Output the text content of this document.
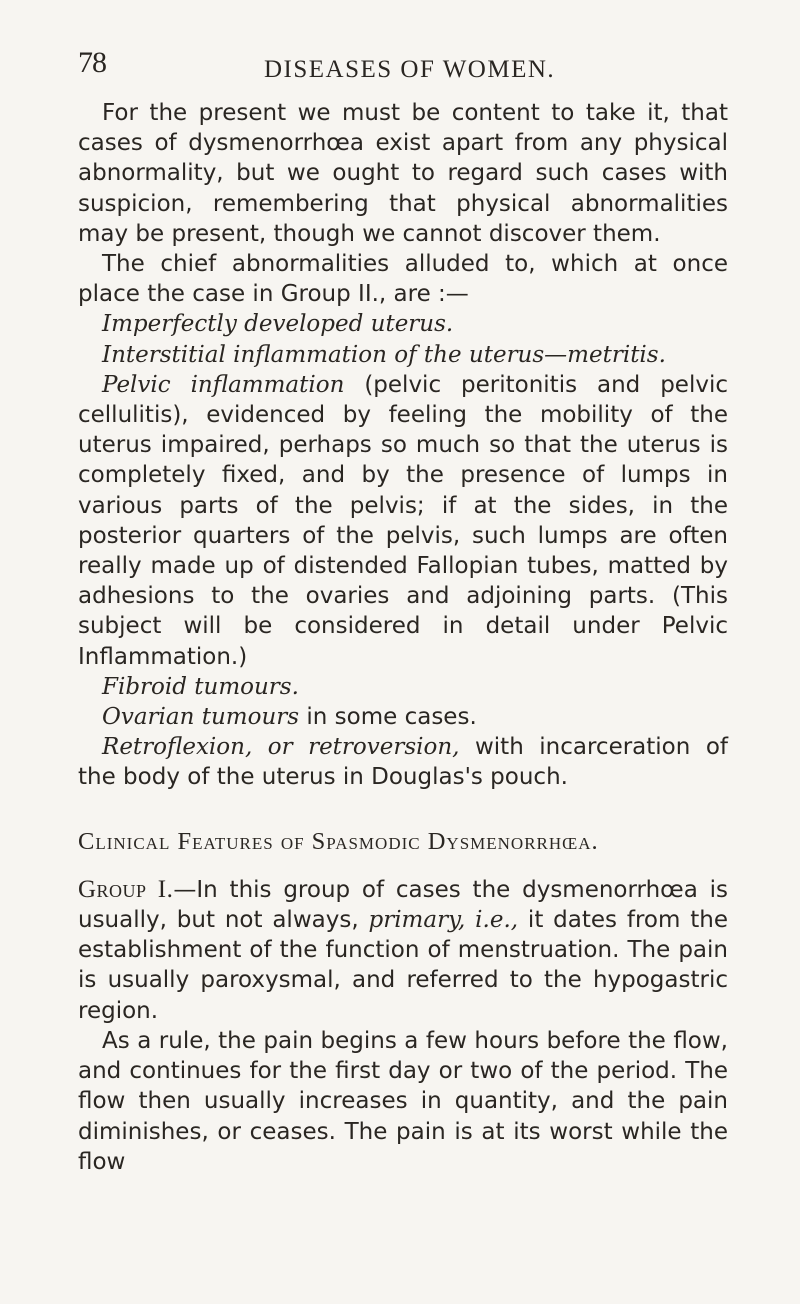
78	DISEASES OF WOMEN.

For the present we must be content to take it, that cases of dysmenorrhœa exist apart from any physical abnormality, but we ought to regard such cases with suspicion, remembering that physical abnormalities may be present, though we cannot discover them.

The chief abnormalities alluded to, which at once place the case in Group II., are :—

Imperfectly developed uterus.

Interstitial inflammation of the uterus—metritis.

Pelvic inflammation (pelvic peritonitis and pelvic cellulitis), evidenced by feeling the mobility of the uterus impaired, perhaps so much so that the uterus is completely fixed, and by the presence of lumps in various parts of the pelvis; if at the sides, in the posterior quarters of the pelvis, such lumps are often really made up of distended Fallopian tubes, matted by adhesions to the ovaries and adjoining parts. (This subject will be considered in detail under Pelvic Inflammation.)

Fibroid tumours.

Ovarian tumours in some cases.

Retroflexion, or retroversion, with incarceration of the body of the uterus in Douglas's pouch.

Clinical Features of Spasmodic Dysmenorrhœa.

Group I.—In this group of cases the dysmenorrhœa is usually, but not always, primary, i.e., it dates from the establishment of the function of menstruation. The pain is usually paroxysmal, and referred to the hypogastric region.

As a rule, the pain begins a few hours before the flow, and continues for the first day or two of the period. The flow then usually increases in quantity, and the pain diminishes, or ceases. The pain is at its worst while the flow
